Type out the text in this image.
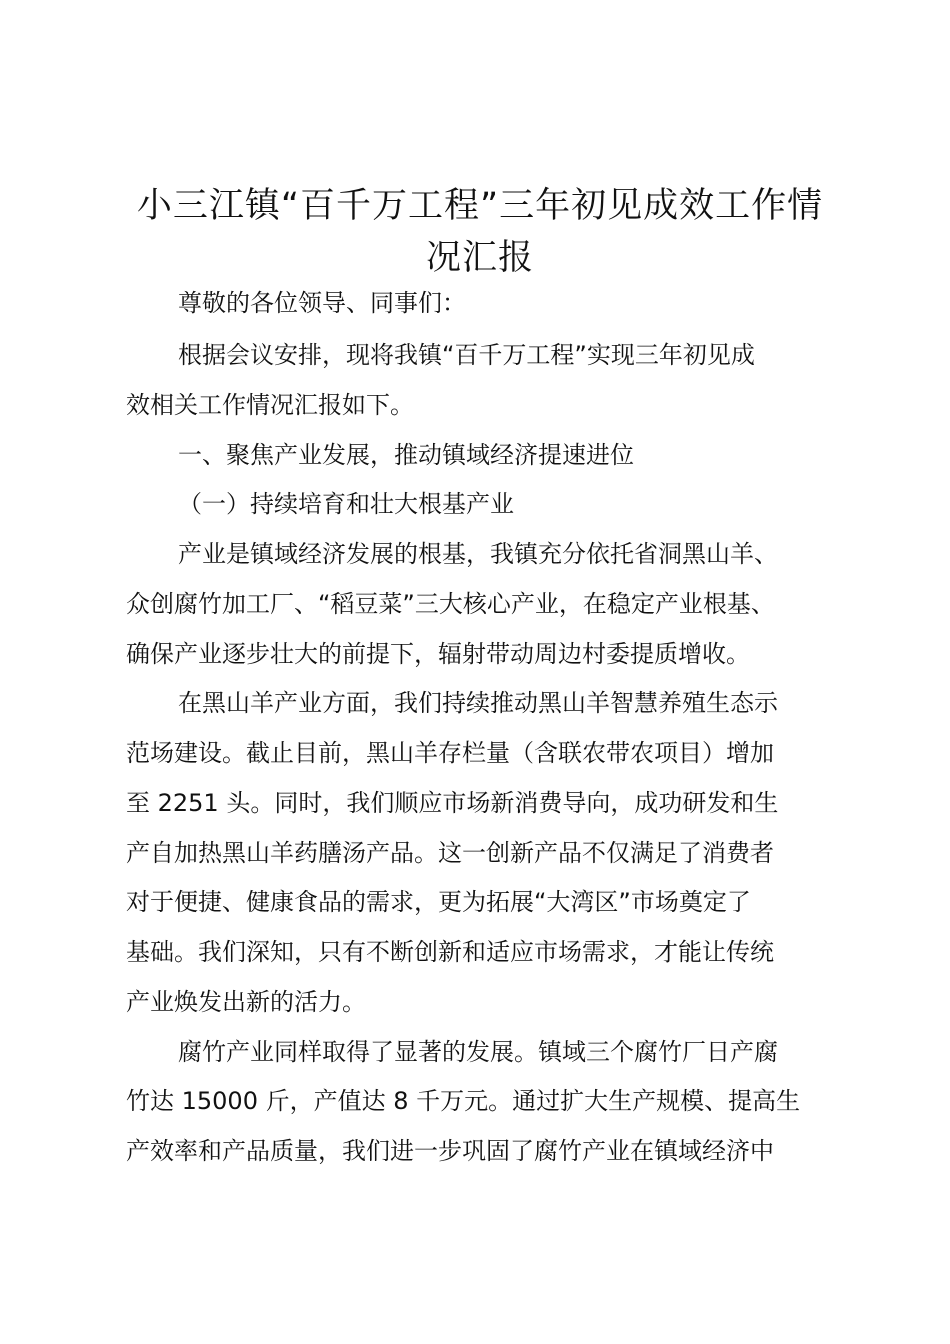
小三江镇“百千万工程”三年初见成效工作情
况汇报

尊敬的各位领导、同事们：

根据会议安排，现将我镇“百千万工程”实现三年初见成

效相关工作情况汇报如下。

一、聚焦产业发展，推动镇域经济提速进位

（一）持续培育和壮大根基产业

产业是镇域经济发展的根基，我镇充分依托省洞黑山羊、

众创腐竹加工厂、“稻豆菜”三大核心产业，在稳定产业根基、

确保产业逐步壮大的前提下，辐射带动周边村委提质增收。

在黑山羊产业方面，我们持续推动黑山羊智慧养殖生态示

范场建设。截止目前，黑山羊存栏量（含联农带农项目）增加

至 2251 头。同时，我们顺应市场新消费导向，成功研发和生

产自加热黑山羊药膳汤产品。这一创新产品不仅满足了消费者

对于便捷、健康食品的需求，更为拓展“大湾区”市场奠定了

基础。我们深知，只有不断创新和适应市场需求，才能让传统

产业焕发出新的活力。

腐竹产业同样取得了显著的发展。镇域三个腐竹厂日产腐

竹达 15000 斤，产值达 8 千万元。通过扩大生产规模、提高生

产效率和产品质量，我们进一步巩固了腐竹产业在镇域经济中
